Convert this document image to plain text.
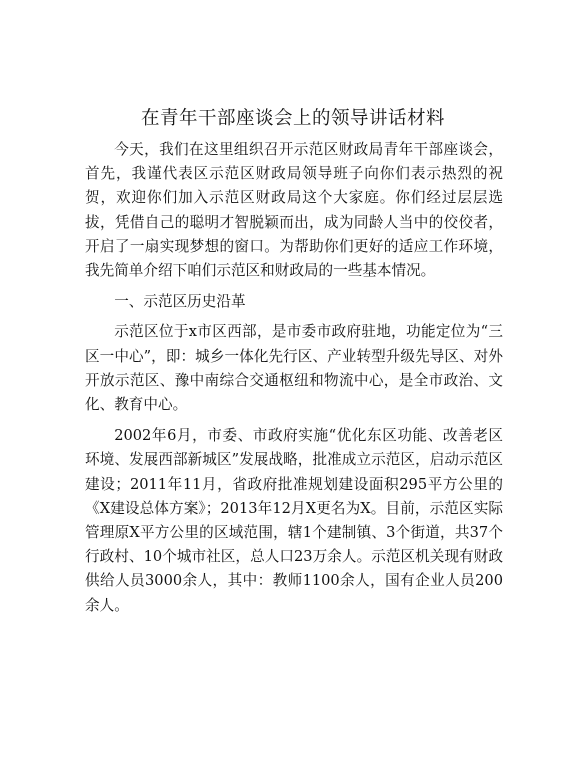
在青年干部座谈会上的领导讲话材料

今天，我们在这里组织召开示范区财政局青年干部座谈会，首先，我谨代表区示范区财政局领导班子向你们表示热烈的祝贺，欢迎你们加入示范区财政局这个大家庭。你们经过层层选拔，凭借自己的聪明才智脱颖而出，成为同龄人当中的佼佼者，开启了一扇实现梦想的窗口。为帮助你们更好的适应工作环境，我先简单介绍下咱们示范区和财政局的一些基本情况。

一、示范区历史沿革

示范区位于x市区西部，是市委市政府驻地，功能定位为“三区一中心”，即：城乡一体化先行区、产业转型升级先导区、对外开放示范区、豫中南综合交通枢纽和物流中心，是全市政治、文化、教育中心。

2002年6月，市委、市政府实施“优化东区功能、改善老区环境、发展西部新城区”发展战略，批准成立示范区，启动示范区建设；2011年11月，省政府批准规划建设面积295平方公里的《X建设总体方案》；2013年12月X更名为X。目前，示范区实际管理原X平方公里的区域范围，辖1个建制镇、3个街道，共37个行政村、10个城市社区，总人口23万余人。示范区机关现有财政供给人员3000余人，其中：教师1100余人，国有企业人员200余人。
